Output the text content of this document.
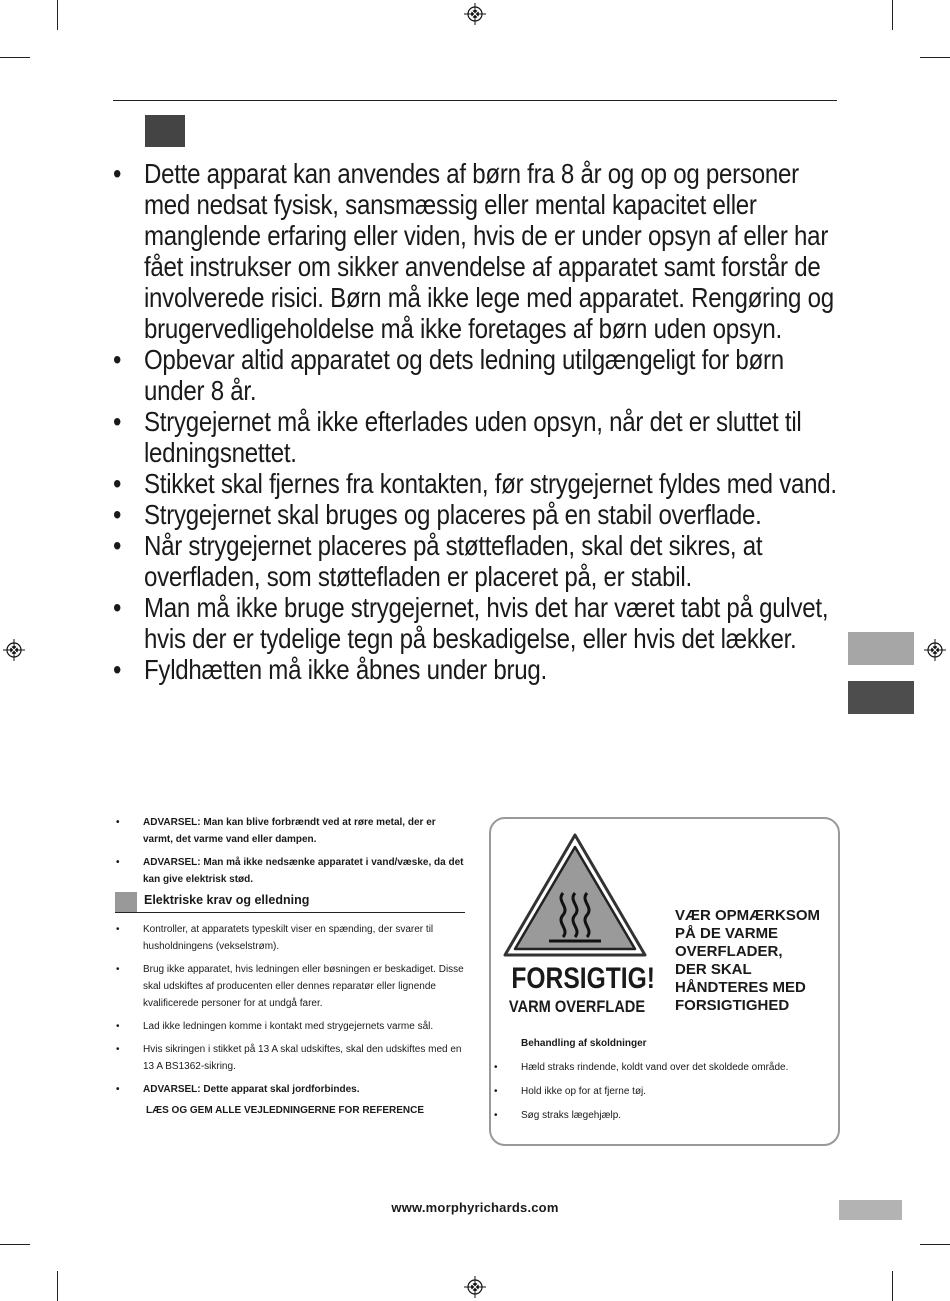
• Dette apparat kan anvendes af børn fra 8 år og op og personer med nedsat fysisk, sansmæssig eller mental kapacitet eller manglende erfaring eller viden, hvis de er under opsyn af eller har fået instrukser om sikker anvendelse af apparatet samt forstår de involverede risici. Børn må ikke lege med apparatet. Rengøring og brugervedligeholdelse må ikke foretages af børn uden opsyn.
• Opbevar altid apparatet og dets ledning utilgængeligt for børn under 8 år.
• Strygejernet må ikke efterlades uden opsyn, når det er sluttet til ledningsnettet.
• Stikket skal fjernes fra kontakten, før strygejernet fyldes med vand.
• Strygejernet skal bruges og placeres på en stabil overflade.
• Når strygejernet placeres på støttefladen, skal det sikres, at overfladen, som støttefladen er placeret på, er stabil.
• Man må ikke bruge strygejernet, hvis det har været tabt på gulvet, hvis der er tydelige tegn på beskadigelse, eller hvis det lækker.
• Fyldhætten må ikke åbnes under brug.
• ADVARSEL: Man kan blive forbrændt ved at røre metal, der er varmt, det varme vand eller dampen.
• ADVARSEL: Man må ikke nedsænke apparatet i vand/væske, da det kan give elektrisk stød.
Elektriske krav og elledning
• Kontroller, at apparatets typeskilt viser en spænding, der svarer til husholdningens (vekselstrøm).
• Brug ikke apparatet, hvis ledningen eller bøsningen er beskadiget. Disse skal udskiftes af producenten eller dennes reparatør eller lignende kvalificerede personer for at undgå farer.
• Lad ikke ledningen komme i kontakt med strygejernets varme sål.
• Hvis sikringen i stikket på 13 A skal udskiftes, skal den udskiftes med en 13 A BS1362-sikring.
• ADVARSEL: Dette apparat skal jordforbindes.
LÆS OG GEM ALLE VEJLEDNINGERNE FOR REFERENCE
FORSIGTIG!
VARM OVERFLADE
VÆR OPMÆRKSOM
PÅ DE VARME
OVERFLADER,
DER SKAL
HÅNDTERES MED
FORSIGTIGHED
Behandling af skoldninger
• Hæld straks rindende, koldt vand over det skoldede område.
• Hold ikke op for at fjerne tøj.
• Søg straks lægehjælp.
www.morphyrichards.com
